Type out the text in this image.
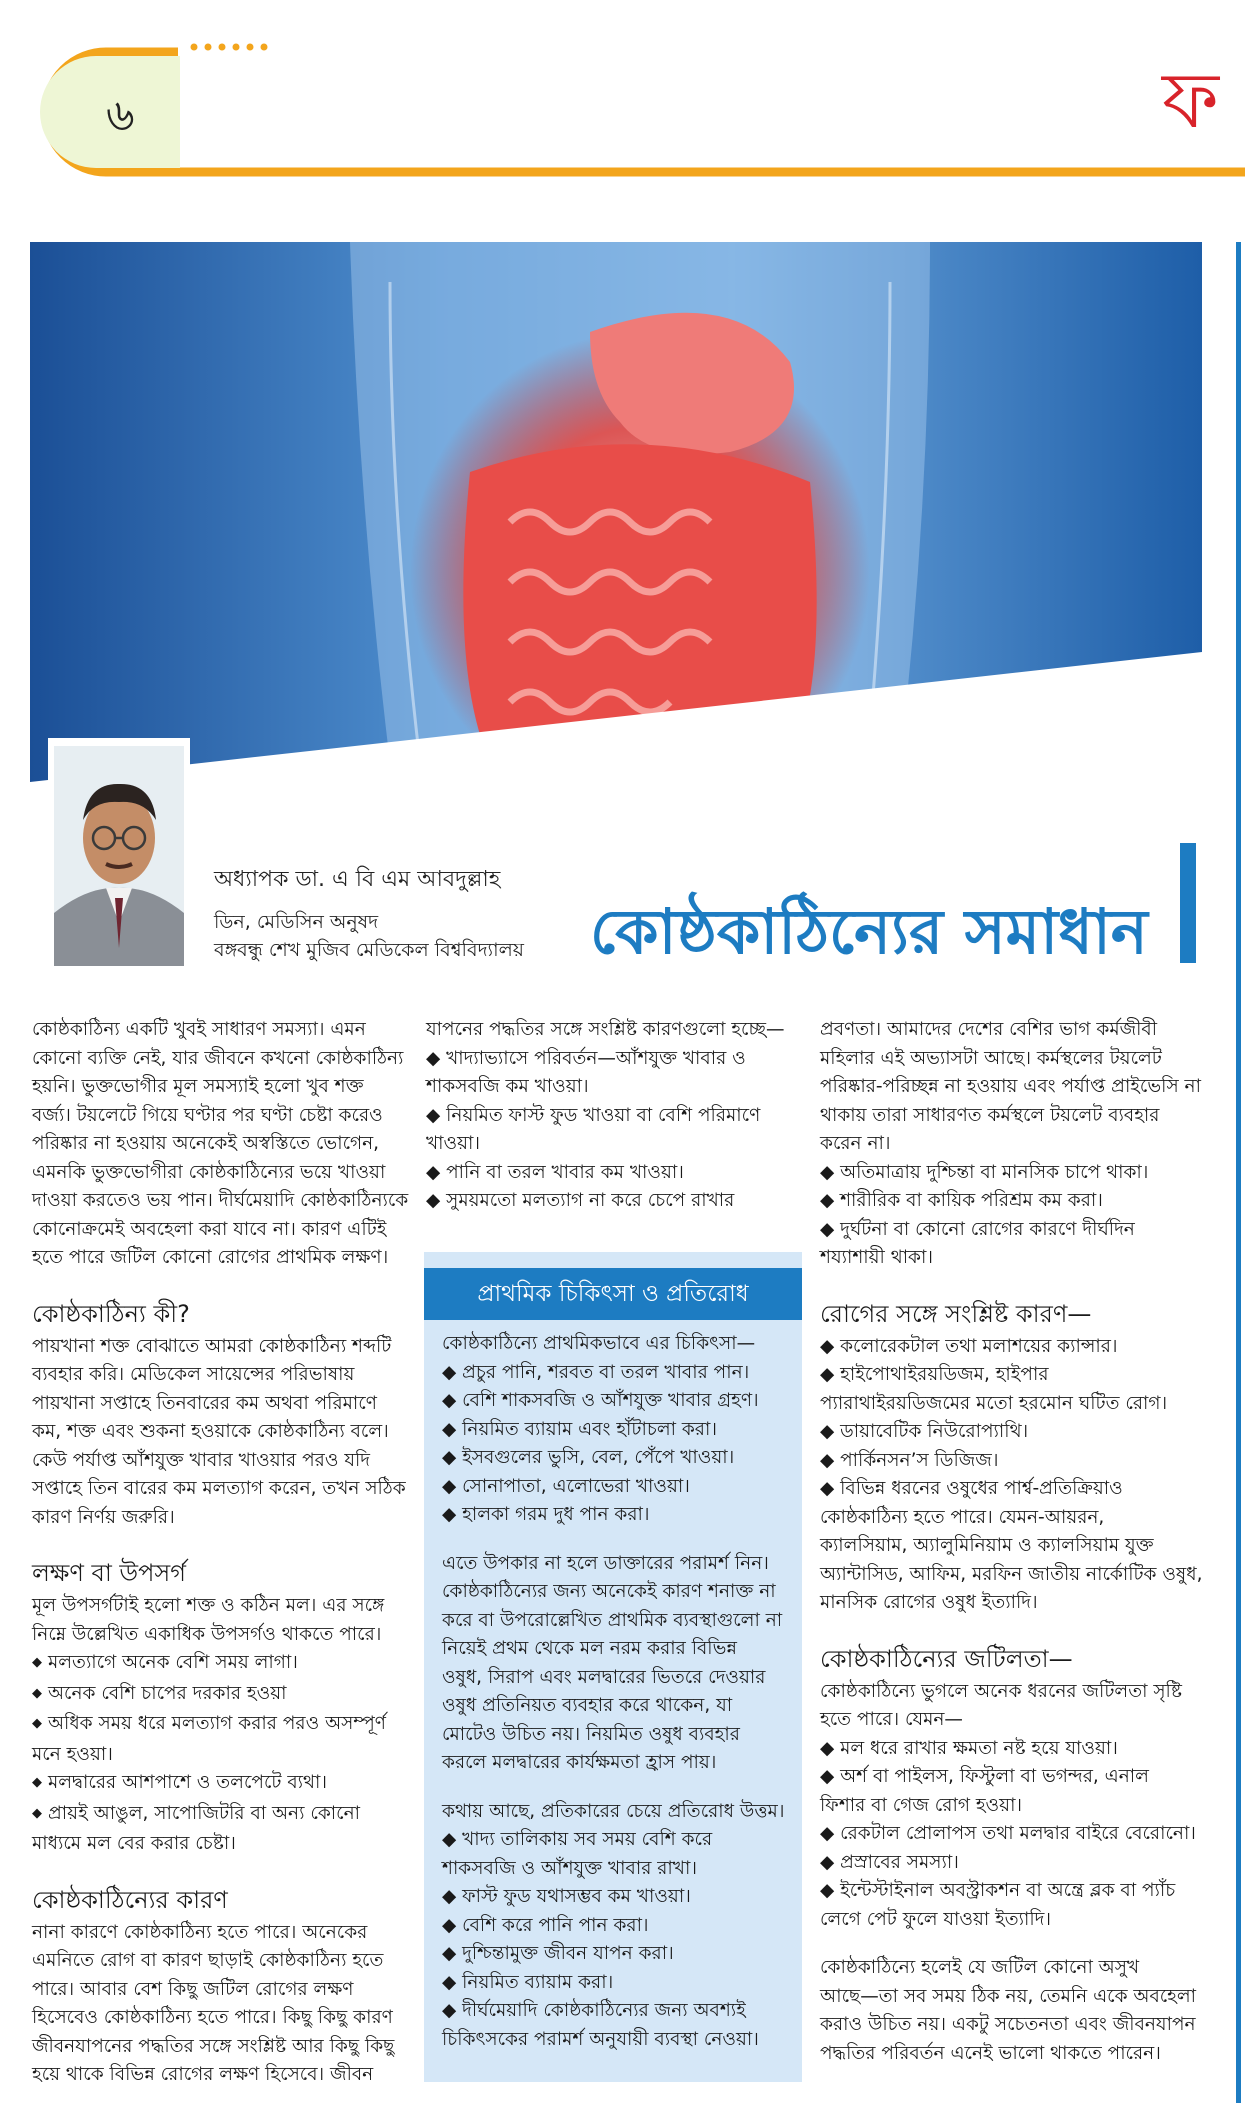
৬	ফ
অধ্যাপক ডা. এ বি এম আবদুল্লাহ
ডিন, মেডিসিন অনুষদ
বঙ্গবন্ধু শেখ মুজিব মেডিকেল বিশ্ববিদ্যালয় কোষ্ঠকাঠিন্যের সমাধান
কোষ্ঠকাঠিন্য একটি খুবই সাধারণ সমস্যা। এমন
কোনো ব্যক্তি নেই, যার জীবনে কখনো কোষ্ঠকাঠিন্য
হয়নি। ভুক্তভোগীর মূল সমস্যাই হলো খুব শক্ত
বর্জ্য। টয়লেটে গিয়ে ঘণ্টার পর ঘণ্টা চেষ্টা করেও
পরিষ্কার না হওয়ায় অনেকেই অস্বস্তিতে ভোগেন,
এমনকি ভুক্তভোগীরা কোষ্ঠকাঠিন্যের ভয়ে খাওয়া
দাওয়া করতেও ভয় পান। দীর্ঘমেয়াদি কোষ্ঠকাঠিন্যকে
কোনোক্রমেই অবহেলা করা যাবে না। কারণ এটিই
হতে পারে জটিল কোনো রোগের প্রাথমিক লক্ষণ।

কোষ্ঠকাঠিন্য কী?

পায়খানা শক্ত বোঝাতে আমরা কোষ্ঠকাঠিন্য শব্দটি
ব্যবহার করি। মেডিকেল সায়েন্সের পরিভাষায়
পায়খানা সপ্তাহে তিনবারের কম অথবা পরিমাণে
কম, শক্ত এবং শুকনা হওয়াকে কোষ্ঠকাঠিন্য বলে।
কেউ পর্যাপ্ত আঁশযুক্ত খাবার খাওয়ার পরও যদি
সপ্তাহে তিন বারের কম মলত্যাগ করেন, তখন সঠিক
কারণ নির্ণয় জরুরি।

লক্ষণ বা উপসর্গ

মূল উপসর্গটাই হলো শক্ত ও কঠিন মল। এর সঙ্গে
নিম্নে উল্লেখিত একাধিক উপসর্গও থাকতে পারে।
◆ মলত্যাগে অনেক বেশি সময় লাগা।
◆ অনেক বেশি চাপের দরকার হওয়া
◆ অধিক সময় ধরে মলত্যাগ করার পরও অসম্পূর্ণ
মনে হওয়া।
◆ মলদ্বারের আশপাশে ও তলপেটে ব্যথা।
◆ প্রায়ই আঙুল, সাপোজিটরি বা অন্য কোনো
মাধ্যমে মল বের করার চেষ্টা।

কোষ্ঠকাঠিন্যের কারণ

নানা কারণে কোষ্ঠকাঠিন্য হতে পারে। অনেকের
এমনিতে রোগ বা কারণ ছাড়াই কোষ্ঠকাঠিন্য হতে
পারে। আবার বেশ কিছু জটিল রোগের লক্ষণ
হিসেবেও কোষ্ঠকাঠিন্য হতে পারে। কিছু কিছু কারণ
জীবনযাপনের পদ্ধতির সঙ্গে সংশ্লিষ্ট আর কিছু কিছু
হয়ে থাকে বিভিন্ন রোগের লক্ষণ হিসেবে। জীবন
যাপনের পদ্ধতির সঙ্গে সংশ্লিষ্ট কারণগুলো হচ্ছে—
◆ খাদ্যাভ্যাসে পরিবর্তন—আঁশযুক্ত খাবার ও
শাকসবজি কম খাওয়া।
◆ নিয়মিত ফাস্ট ফুড খাওয়া বা বেশি পরিমাণে
খাওয়া।
◆ পানি বা তরল খাবার কম খাওয়া।
◆ সুময়মতো মলত্যাগ না করে চেপে রাখার
প্রাথমিক চিকিৎসা ও প্রতিরোধ
কোষ্ঠকাঠিন্যে প্রাথমিকভাবে এর চিকিৎসা—
◆ প্রচুর পানি, শরবত বা তরল খাবার পান।
◆ বেশি শাকসবজি ও আঁশযুক্ত খাবার গ্রহণ।
◆ নিয়মিত ব্যায়াম এবং হাঁটাচলা করা।
◆ ইসবগুলের ভুসি, বেল, পেঁপে খাওয়া।
◆ সোনাপাতা, এলোভেরা খাওয়া।
◆ হালকা গরম দুধ পান করা।
এতে উপকার না হলে ডাক্তারের পরামর্শ নিন।
কোষ্ঠকাঠিন্যের জন্য অনেকেই কারণ শনাক্ত না
করে বা উপরোল্লেখিত প্রাথমিক ব্যবস্থাগুলো না
নিয়েই প্রথম থেকে মল নরম করার বিভিন্ন
ওষুধ, সিরাপ এবং মলদ্বারের ভিতরে দেওয়ার
ওষুধ প্রতিনিয়ত ব্যবহার করে থাকেন, যা
মোটেও উচিত নয়। নিয়মিত ওষুধ ব্যবহার
করলে মলদ্বারের কার্যক্ষমতা হ্রাস পায়।
কথায় আছে, প্রতিকারের চেয়ে প্রতিরোধ উত্তম।
◆ খাদ্য তালিকায় সব সময় বেশি করে
শাকসবজি ও আঁশযুক্ত খাবার রাখা।
◆ ফাস্ট ফুড যথাসম্ভব কম খাওয়া।
◆ বেশি করে পানি পান করা।
◆ দুশ্চিন্তামুক্ত জীবন যাপন করা।
◆ নিয়মিত ব্যায়াম করা।
◆ দীর্ঘমেয়াদি কোষ্ঠকাঠিন্যের জন্য অবশ্যই
চিকিৎসকের পরামর্শ অনুযায়ী ব্যবস্থা নেওয়া।
প্রবণতা। আমাদের দেশের বেশির ভাগ কর্মজীবী
মহিলার এই অভ্যাসটা আছে। কর্মস্থলের টয়লেট
পরিষ্কার-পরিচ্ছন্ন না হওয়ায় এবং পর্যাপ্ত প্রাইভেসি না
থাকায় তারা সাধারণত কর্মস্থলে টয়লেট ব্যবহার
করেন না।
◆ অতিমাত্রায় দুশ্চিন্তা বা মানসিক চাপে থাকা।
◆ শারীরিক বা কায়িক পরিশ্রম কম করা।
◆ দুর্ঘটনা বা কোনো রোগের কারণে দীর্ঘদিন
শয্যাশায়ী থাকা।

রোগের সঙ্গে সংশ্লিষ্ট কারণ—

◆ কলোরেকটাল তথা মলাশয়ের ক্যান্সার।
◆ হাইপোথাইরয়ডিজম, হাইপার
প্যারাথাইরয়ডিজমের মতো হরমোন ঘটিত রোগ।
◆ ডায়াবেটিক নিউরোপ্যাথি।
◆ পার্কিনসন’স ডিজিজ।
◆ বিভিন্ন ধরনের ওষুধের পার্শ্ব-প্রতিক্রিয়াও
কোষ্ঠকাঠিন্য হতে পারে। যেমন-আয়রন,
ক্যালসিয়াম, অ্যালুমিনিয়াম ও ক্যালসিয়াম যুক্ত
অ্যান্টাসিড, আফিম, মরফিন জাতীয় নার্কোটিক ওষুধ,
মানসিক রোগের ওষুধ ইত্যাদি।

কোষ্ঠকাঠিন্যের জটিলতা—

কোষ্ঠকাঠিন্যে ভুগলে অনেক ধরনের জটিলতা সৃষ্টি
হতে পারে। যেমন—
◆ মল ধরে রাখার ক্ষমতা নষ্ট হয়ে যাওয়া।
◆ অর্শ বা পাইলস, ফিস্টুলা বা ভগন্দর, এনাল
ফিশার বা গেজ রোগ হওয়া।
◆ রেকটাল প্রোলাপস তথা মলদ্বার বাইরে বেরোনো।
◆ প্রস্রাবের সমস্যা।
◆ ইন্টেস্টাইনাল অবস্ট্রাকশন বা অন্ত্রে ব্লক বা প্যাঁচ
লেগে পেট ফুলে যাওয়া ইত্যাদি।
কোষ্ঠকাঠিন্যে হলেই যে জটিল কোনো অসুখ
আছে—তা সব সময় ঠিক নয়, তেমনি একে অবহেলা
করাও উচিত নয়। একটু সচেতনতা এবং জীবনযাপন
পদ্ধতির পরিবর্তন এনেই ভালো থাকতে পারেন।
